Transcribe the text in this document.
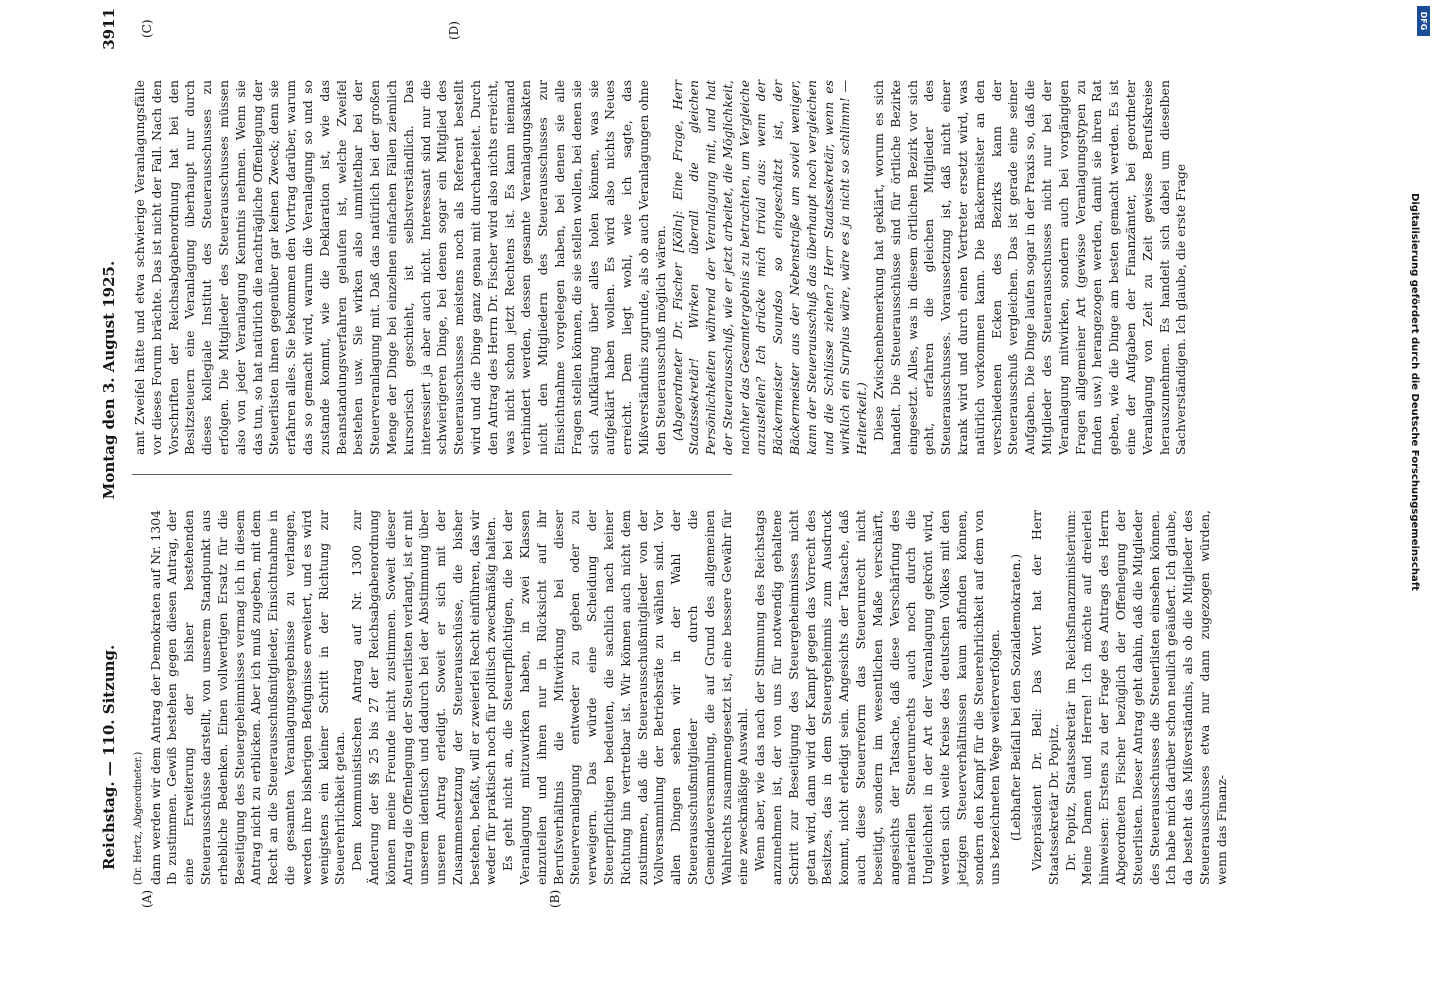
Reichstag. — 110. Sitzung.
Montag den 3. August 1925.
3911
(A)	(B)
(C)	(D)
(Dr. Hertz, Abgeordneter.) dann werden wir dem Antrag der Demokraten auf Nr. 1304 Ib zustimmen. Gewiß bestehen gegen diesen Antrag, der eine Erweiterung der bisher bestehenden Steuerausschüsse darstellt, von unserem Standpunkt aus erhebliche Bedenken. Einen vollwertigen Ersatz für die Beseitigung des Steuergeheimnisses vermag ich in diesem Antrag nicht zu erblicken. Aber ich muß zugeben, mit dem Recht an die Steuerausschußmitglieder, Einsichtnahme in die gesamten Veranlagungsergebnisse zu verlangen, werden ihre bisherigen Befugnisse erweitert, und es wird wenigstens ein kleiner Schritt in der Richtung zur Steuerehrlichkeit getan. Dem kommunistischen Antrag auf Nr. 1300 zur Änderung der §§ 25 bis 27 der Reichsabgabenordnung können meine Freunde nicht zustimmen. Soweit dieser Antrag die Offenlegung der Steuerlisten verlangt, ist er mit unserem identisch und dadurch bei der Abstimmung über unseren Antrag erledigt. Soweit er sich mit der Zusammensetzung der Steuerausschüsse, die bisher bestehen, befaßt, will er zweierlei Recht einführen, das wir weder für praktisch noch für politisch zweckmäßig halten. Es geht nicht an, die Steuerpflichtigen, die bei der Veranlagung mitzuwirken haben, in zwei Klassen einzuteilen und ihnen nur in Rücksicht auf ihr Berufsverhältnis die Mitwirkung bei dieser Steuerveranlagung entweder zu geben oder zu verweigern. Das würde eine Scheidung der Steuerpflichtigen bedeuten, die sachlich nach keiner Richtung hin vertretbar ist. Wir können auch nicht dem zustimmen, daß die Steuerausschußmitglieder von der Vollversammlung der Betriebsräte zu wählen sind. Vor allen Dingen sehen wir in der Wahl der Steuerausschußmitglieder durch die Gemeindeversammlung, die auf Grund des allgemeinen Wahlrechts zusammengesetzt ist, eine bessere Gewähr für eine zweckmäßige Auswahl. Wenn aber, wie das nach der Stimmung des Reichstags anzunehmen ist, der von uns für notwendig gehaltene Schritt zur Beseitigung des Steuergeheimnisses nicht getan wird, dann wird der Kampf gegen das Vorrecht des Besitzes, das in dem Steuergeheimnis zum Ausdruck kommt, nicht erledigt sein. Angesichts der Tatsache, daß auch diese Steuerreform das Steuerunrecht nicht beseitigt, sondern im wesentlichen Maße verschärft, angesichts der Tatsache, daß diese Verschärfung des materiellen Steuerunrechts auch noch durch die Ungleichheit in der Art der Veranlagung gekrönt wird, werden sich weite Kreise des deutschen Volkes mit den jetzigen Steuerverhältnissen kaum abfinden können, sondern den Kampf für die Steuerehrlichkeit auf dem von uns bezeichneten Wege weiterverfolgen. (Lebhafter Beifall bei den Sozialdemokraten.) Vizepräsident Dr. Bell: Das Wort hat der Herr Staatssekretär Dr. Popitz. Dr. Popitz, Staatssekretär im Reichsfinanzministerium: Meine Damen und Herren! Ich möchte auf dreierlei hinweisen: Erstens zu der Frage des Antrags des Herrn Abgeordneten Fischer bezüglich der Offenlegung der Steuerlisten. Dieser Antrag geht dahin, daß die Mitglieder des Steuerausschusses die Steuerlisten einsehen können. Ich habe mich darüber schon neulich geäußert. Ich glaube, da besteht das Mißverständnis, als ob die Mitglieder des Steuerausschusses etwa nur dann zugezogen würden, wenn das Finanz-

amt Zweifel hätte und etwa schwierige Veranlagungsfälle vor dieses Forum brächte. Das ist nicht der Fall. Nach den Vorschriften der Reichsabgabenordnung hat bei den Besitzsteuern eine Veranlagung überhaupt nur durch dieses kollegiale Institut des Steuerausschusses zu erfolgen. Die Mitglieder des Steuerausschusses müssen also von jeder Veranlagung Kenntnis nehmen. Wenn sie das tun, so hat natürlich die nachträgliche Offenlegung der Steuerlisten ihnen gegenüber gar keinen Zweck; denn sie erfahren alles. Sie bekommen den Vortrag darüber, warum das so gemacht wird, warum die Veranlagung so und so zustande kommt, wie die Deklaration ist, wie das Beanstandungsverfahren gelaufen ist, welche Zweifel bestehen usw. Sie wirken also unmittelbar bei der Steuerveranlagung mit. Daß das natürlich bei der großen Menge der Dinge bei einzelnen einfachen Fällen ziemlich kursorisch geschieht, ist selbstverständlich. Das interessiert ja aber auch nicht. Interessant sind nur die schwierigeren Dinge, bei denen sogar ein Mitglied des Steuerausschusses meistens noch als Referent bestellt wird und die Dinge ganz genau mit durcharbeitet. Durch den Antrag des Herrn Dr. Fischer wird also nichts erreicht, was nicht schon jetzt Rechtens ist. Es kann niemand verhindert werden, dessen gesamte Veranlagungsakten nicht den Mitgliedern des Steuerausschusses zur Einsichtnahme vorgelegen haben, bei denen sie alle Fragen stellen können, die sie stellen wollen, bei denen sie sich Aufklärung über alles holen können, was sie aufgeklärt haben wollen. Es wird also nichts Neues erreicht. Dem liegt wohl, wie ich sagte, das Mißverständnis zugrunde, als ob auch Veranlagungen ohne den Steuerausschuß möglich wären. (Abgeordneter Dr. Fischer [Köln]: Eine Frage, Herr Staatssekretär! Wirken überall die gleichen Persönlichkeiten während der Veranlagung mit, und hat der Steuerausschuß, wie er jetzt arbeitet, die Möglichkeit, nachher das Gesamtergebnis zu betrachten, um Vergleiche anzustellen? Ich drücke mich trivial aus: wenn der Bäckermeister Soundso so eingeschätzt ist, der Bäckermeister aus der Nebenstraße um soviel weniger, kann der Steuerausschuß das überhaupt noch vergleichen und die Schlüsse ziehen? Herr Staatssekretär, wenn es wirklich ein Surplus wäre, wäre es ja nicht so schlimm! — Heiterkeit.) Diese Zwischenbemerkung hat geklärt, worum es sich handelt. Die Steuerausschüsse sind für örtliche Bezirke eingesetzt. Alles, was in diesem örtlichen Bezirk vor sich geht, erfahren die gleichen Mitglieder des Steuerausschusses. Voraussetzung ist, daß nicht einer krank wird und durch einen Vertreter ersetzt wird, was natürlich vorkommen kann. Die Bäckermeister an den verschiedenen Ecken des Bezirks kann der Steuerausschuß vergleichen. Das ist gerade eine seiner Aufgaben. Die Dinge laufen sogar in der Praxis so, daß die Mitglieder des Steuerausschusses nicht nur bei der Veranlagung mitwirken, sondern auch bei vorgängigen Fragen allgemeiner Art (gewisse Veranlagungstypen zu finden usw.) herangezogen werden, damit sie ihren Rat geben, wie die Dinge am besten gemacht werden. Es ist eine der Aufgaben der Finanzämter, bei geordneter Veranlagung von Zeit zu Zeit gewisse Berufskreise herauszunehmen. Es handelt sich dabei um dieselben Sachverständigen. Ich glaube, die erste Frage

DFG
Digitalisierung gefördert durch die Deutsche Forschungsgemeinschaft
